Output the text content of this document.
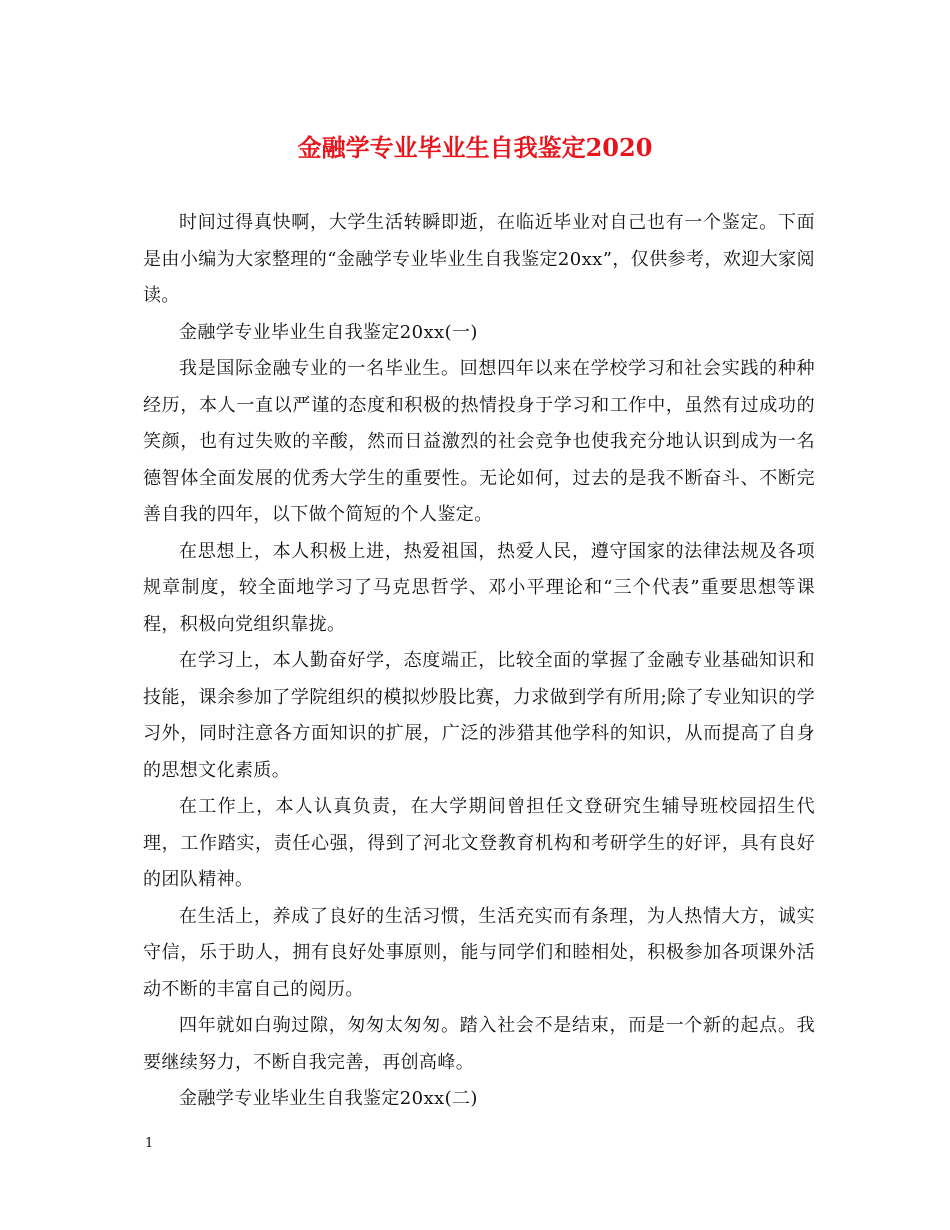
金融学专业毕业生自我鉴定2020

时间过得真快啊，大学生活转瞬即逝，在临近毕业对自己也有一个鉴定。下面是由小编为大家整理的“金融学专业毕业生自我鉴定20xx”，仅供参考，欢迎大家阅读。

金融学专业毕业生自我鉴定20xx(一)

我是国际金融专业的一名毕业生。回想四年以来在学校学习和社会实践的种种经历，本人一直以严谨的态度和积极的热情投身于学习和工作中，虽然有过成功的笑颜，也有过失败的辛酸，然而日益激烈的社会竞争也使我充分地认识到成为一名德智体全面发展的优秀大学生的重要性。无论如何，过去的是我不断奋斗、不断完善自我的四年，以下做个简短的个人鉴定。

在思想上，本人积极上进，热爱祖国，热爱人民，遵守国家的法律法规及各项规章制度，较全面地学习了马克思哲学、邓小平理论和“三个代表”重要思想等课程，积极向党组织靠拢。

在学习上，本人勤奋好学，态度端正，比较全面的掌握了金融专业基础知识和技能，课余参加了学院组织的模拟炒股比赛，力求做到学有所用;除了专业知识的学习外，同时注意各方面知识的扩展，广泛的涉猎其他学科的知识，从而提高了自身的思想文化素质。

在工作上，本人认真负责，在大学期间曾担任文登研究生辅导班校园招生代理，工作踏实，责任心强，得到了河北文登教育机构和考研学生的好评，具有良好的团队精神。

在生活上，养成了良好的生活习惯，生活充实而有条理，为人热情大方，诚实守信，乐于助人，拥有良好处事原则，能与同学们和睦相处，积极参加各项课外活动不断的丰富自己的阅历。

四年就如白驹过隙，匆匆太匆匆。踏入社会不是结束，而是一个新的起点。我要继续努力，不断自我完善，再创高峰。

金融学专业毕业生自我鉴定20xx(二)

1
